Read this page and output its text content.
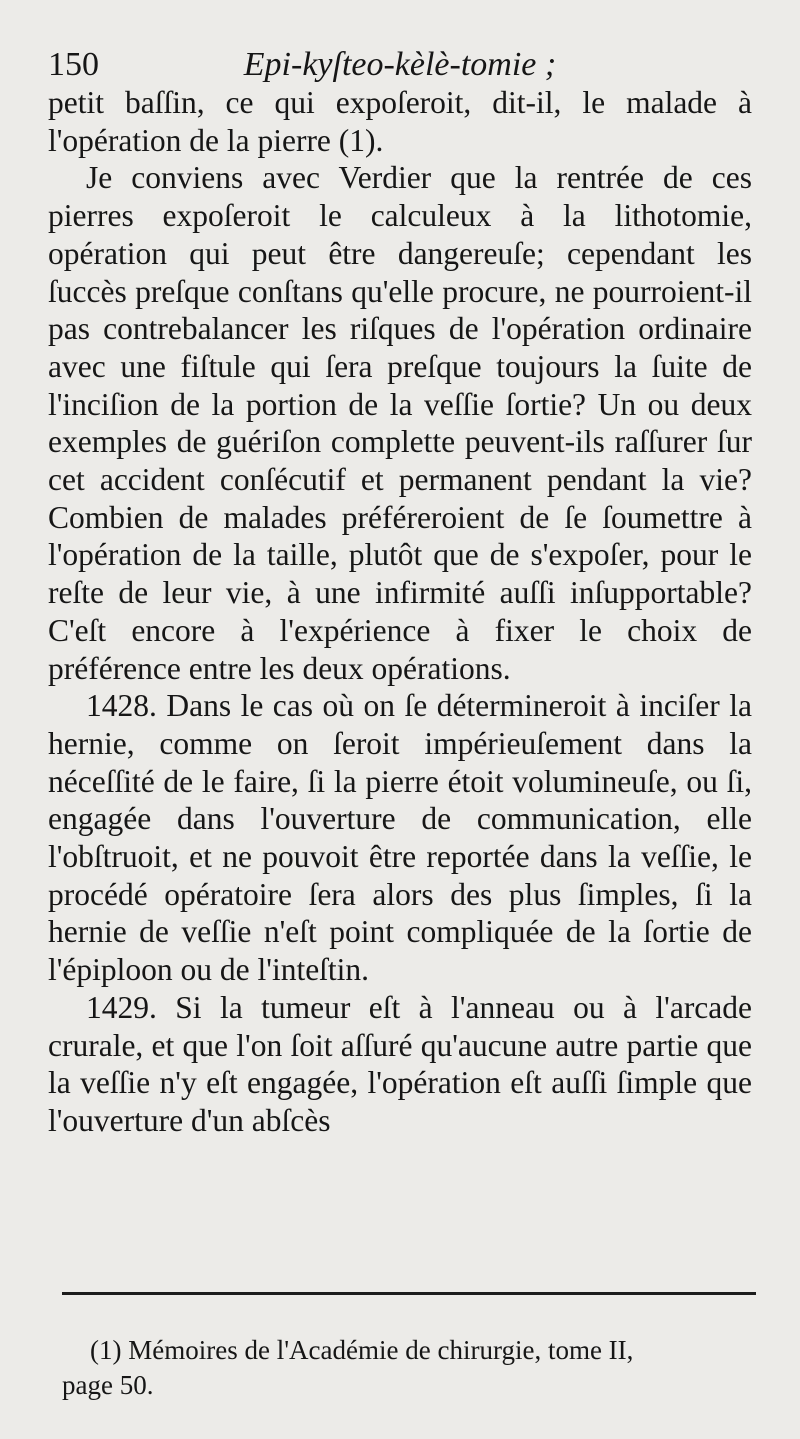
150	Epi-kyſteo-kèlè-tomie ;

petit baſſin, ce qui expoſeroit, dit-il, le malade à l'opération de la pierre (1).

Je conviens avec Verdier que la rentrée de ces pierres expoſeroit le calculeux à la lithotomie, opération qui peut être dangereuſe; cependant les ſuccès preſque conſtans qu'elle procure, ne pourroient-il pas contrebalancer les riſques de l'opération ordinaire avec une fiſtule qui ſera preſque toujours la ſuite de l'inciſion de la portion de la veſſie ſortie? Un ou deux exemples de guériſon complette peuvent-ils raſſurer ſur cet accident conſécutif et permanent pendant la vie? Combien de malades préféreroient de ſe ſoumettre à l'opération de la taille, plutôt que de s'expoſer, pour le reſte de leur vie, à une infirmité auſſi inſupportable? C'eſt encore à l'expérience à fixer le choix de préférence entre les deux opérations.

1428. Dans le cas où on ſe détermineroit à inciſer la hernie, comme on ſeroit impérieuſement dans la néceſſité de le faire, ſi la pierre étoit volumineuſe, ou ſi, engagée dans l'ouverture de communication, elle l'obſtruoit, et ne pouvoit être reportée dans la veſſie, le procédé opératoire ſera alors des plus ſimples, ſi la hernie de veſſie n'eſt point compliquée de la ſortie de l'épiploon ou de l'inteſtin.

1429. Si la tumeur eſt à l'anneau ou à l'arcade crurale, et que l'on ſoit aſſuré qu'aucune autre partie que la veſſie n'y eſt engagée, l'opération eſt auſſi ſimple que l'ouverture d'un abſcès

(1) Mémoires de l'Académie de chirurgie, tome II,
page 50.
